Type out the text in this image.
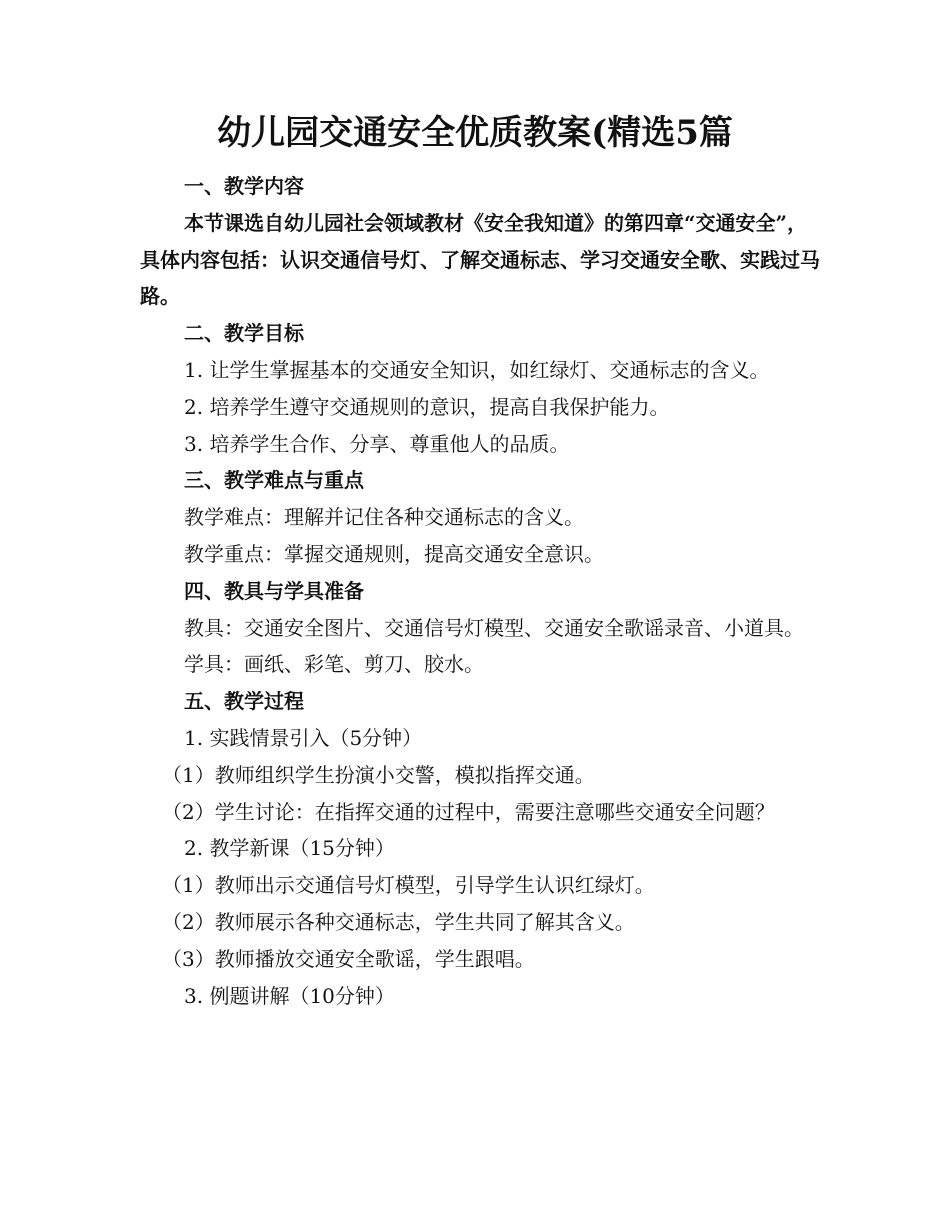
幼儿园交通安全优质教案(精选5篇

一、教学内容

本节课选自幼儿园社会领域教材《安全我知道》的第四章“交通安全”，具体内容包括：认识交通信号灯、了解交通标志、学习交通安全歌、实践过马路。

二、教学目标

1. 让学生掌握基本的交通安全知识，如红绿灯、交通标志的含义。

2. 培养学生遵守交通规则的意识，提高自我保护能力。

3. 培养学生合作、分享、尊重他人的品质。

三、教学难点与重点

教学难点：理解并记住各种交通标志的含义。

教学重点：掌握交通规则，提高交通安全意识。

四、教具与学具准备

教具：交通安全图片、交通信号灯模型、交通安全歌谣录音、小道具。

学具：画纸、彩笔、剪刀、胶水。

五、教学过程

1. 实践情景引入（5分钟）

（1）教师组织学生扮演小交警，模拟指挥交通。

（2）学生讨论：在指挥交通的过程中，需要注意哪些交通安全问题？

2. 教学新课（15分钟）

（1）教师出示交通信号灯模型，引导学生认识红绿灯。

（2）教师展示各种交通标志，学生共同了解其含义。

（3）教师播放交通安全歌谣，学生跟唱。

3. 例题讲解（10分钟）
